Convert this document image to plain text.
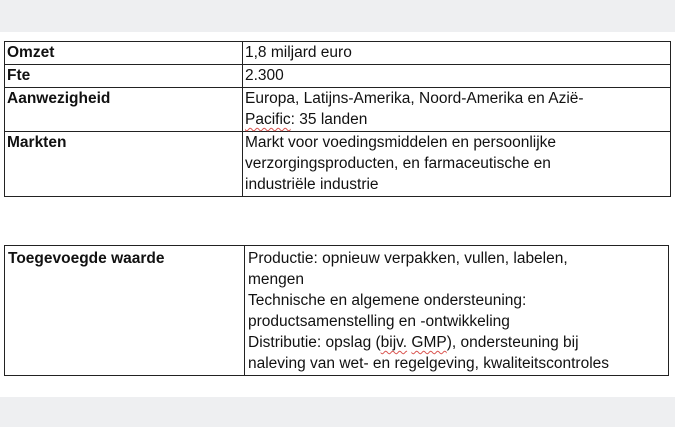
Omzet	1,8 miljard euro

Fte	2.300

Aanwezigheid	Europa, Latijns-Amerika, Noord-Amerika en Azië-
Pacific: 35 landen

Markten	Markt voor voedingsmiddelen en persoonlijke
verzorgingsproducten, en farmaceutische en
industriële industrie
Toegevoegde waarde	Productie: opnieuw verpakken, vullen, labelen,
mengen
Technische en algemene ondersteuning:
productsamenstelling en -ontwikkeling
Distributie: opslag (bijv. GMP), ondersteuning bij
naleving van wet- en regelgeving, kwaliteitscontroles
